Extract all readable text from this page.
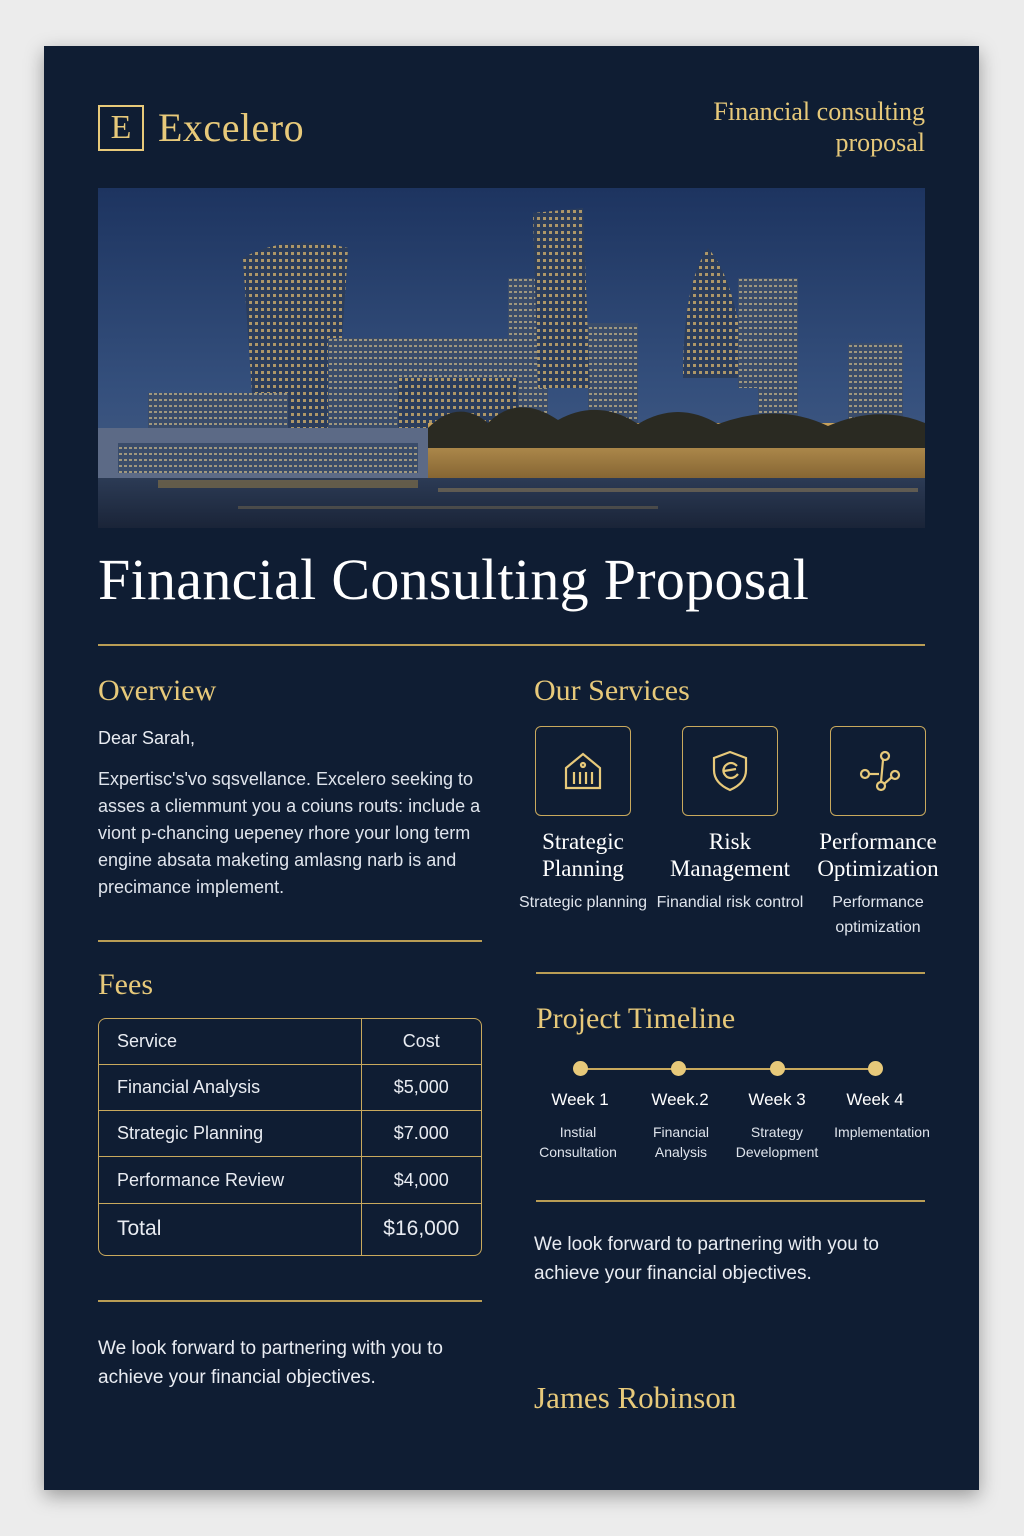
E Excelero	Financial consulting proposal
Financial Consulting Proposal
Overview
Dear Sarah,
Expertisc's'vo sqsvellance. Excelero seeking to asses a cliemmunt you a coiuns routs: include a viont p-chancing uepeney rhore your long term engine absata maketing amlasng narb is and precimance implement.
Fees
Service	Cost
Financial Analysis	$5,000
Strategic Planning	$7.000
Performance Review	$4,000
Total	$16,000
We look forward to partnering with you to achieve your financial objectives.
Our Services
Strategic Planning
Strategic planning
Risk Management
Finandial risk control
Performance Optimization
Performance optimization
Project Timeline
Week 1	Week.2	Week 3	Week 4
Instial Consultation
Financial Analysis
Strategy Development
Implementation
We look forward to partnering with you to achieve your financial objectives.
James Robinson
